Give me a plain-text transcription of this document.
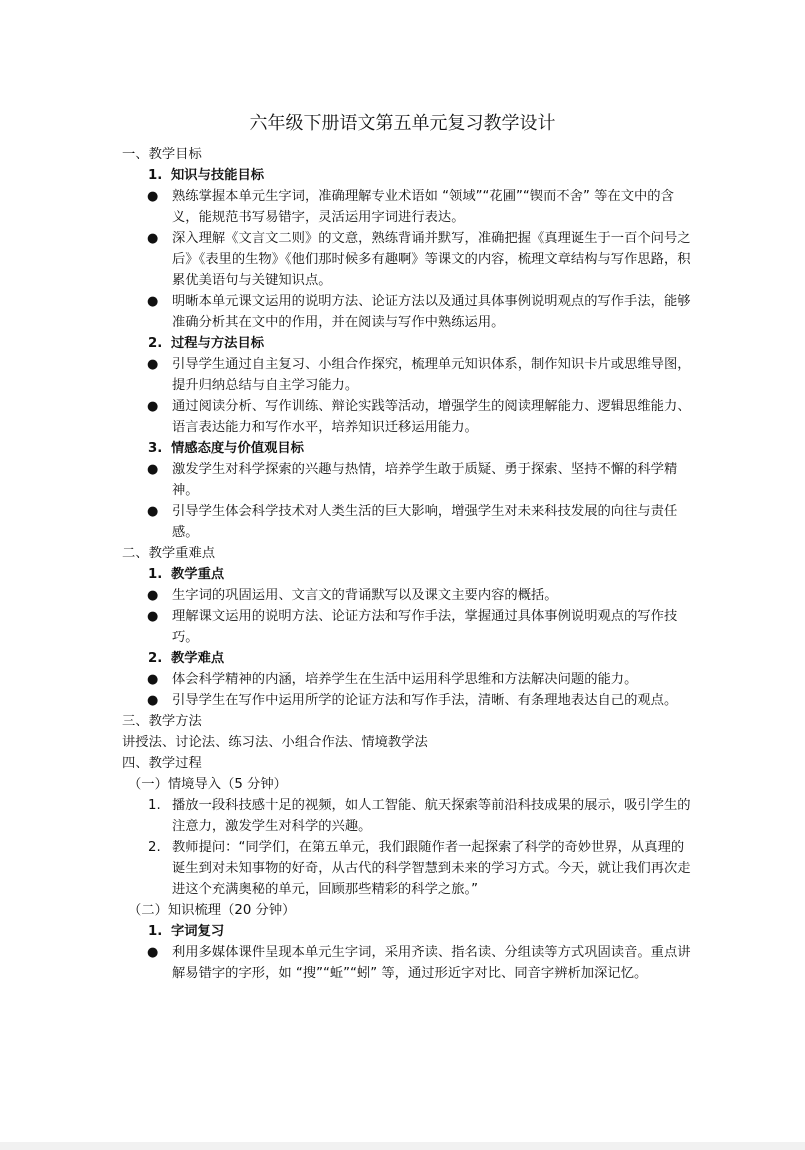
六年级下册语文第五单元复习教学设计
一、教学目标
1. 知识与技能目标
● 熟练掌握本单元生字词，准确理解专业术语如 “领域”“花圃”“锲而不舍” 等在文中的含义，能规范书写易错字，灵活运用字词进行表达。
● 深入理解《文言文二则》的文意，熟练背诵并默写，准确把握《真理诞生于一百个问号之后》《表里的生物》《他们那时候多有趣啊》等课文的内容，梳理文章结构与写作思路，积累优美语句与关键知识点。
● 明晰本单元课文运用的说明方法、论证方法以及通过具体事例说明观点的写作手法，能够准确分析其在文中的作用，并在阅读与写作中熟练运用。
2. 过程与方法目标
● 引导学生通过自主复习、小组合作探究，梳理单元知识体系，制作知识卡片或思维导图，提升归纳总结与自主学习能力。
● 通过阅读分析、写作训练、辩论实践等活动，增强学生的阅读理解能力、逻辑思维能力、语言表达能力和写作水平，培养知识迁移运用能力。
3. 情感态度与价值观目标
● 激发学生对科学探索的兴趣与热情，培养学生敢于质疑、勇于探索、坚持不懈的科学精神。
● 引导学生体会科学技术对人类生活的巨大影响，增强学生对未来科技发展的向往与责任感。
二、教学重难点
1. 教学重点
● 生字词的巩固运用、文言文的背诵默写以及课文主要内容的概括。
● 理解课文运用的说明方法、论证方法和写作手法，掌握通过具体事例说明观点的写作技巧。
2. 教学难点
● 体会科学精神的内涵，培养学生在生活中运用科学思维和方法解决问题的能力。
● 引导学生在写作中运用所学的论证方法和写作手法，清晰、有条理地表达自己的观点。
三、教学方法
讲授法、讨论法、练习法、小组合作法、情境教学法
四、教学过程
（一）情境导入（5 分钟）
1. 播放一段科技感十足的视频，如人工智能、航天探索等前沿科技成果的展示，吸引学生的注意力，激发学生对科学的兴趣。
2. 教师提问：“同学们，在第五单元，我们跟随作者一起探索了科学的奇妙世界，从真理的诞生到对未知事物的好奇，从古代的科学智慧到未来的学习方式。今天，就让我们再次走进这个充满奥秘的单元，回顾那些精彩的科学之旅。”
（二）知识梳理（20 分钟）
1. 字词复习
● 利用多媒体课件呈现本单元生字词，采用齐读、指名读、分组读等方式巩固读音。重点讲解易错字的字形，如 “搜”“蚯”“蚓” 等，通过形近字对比、同音字辨析加深记忆。
